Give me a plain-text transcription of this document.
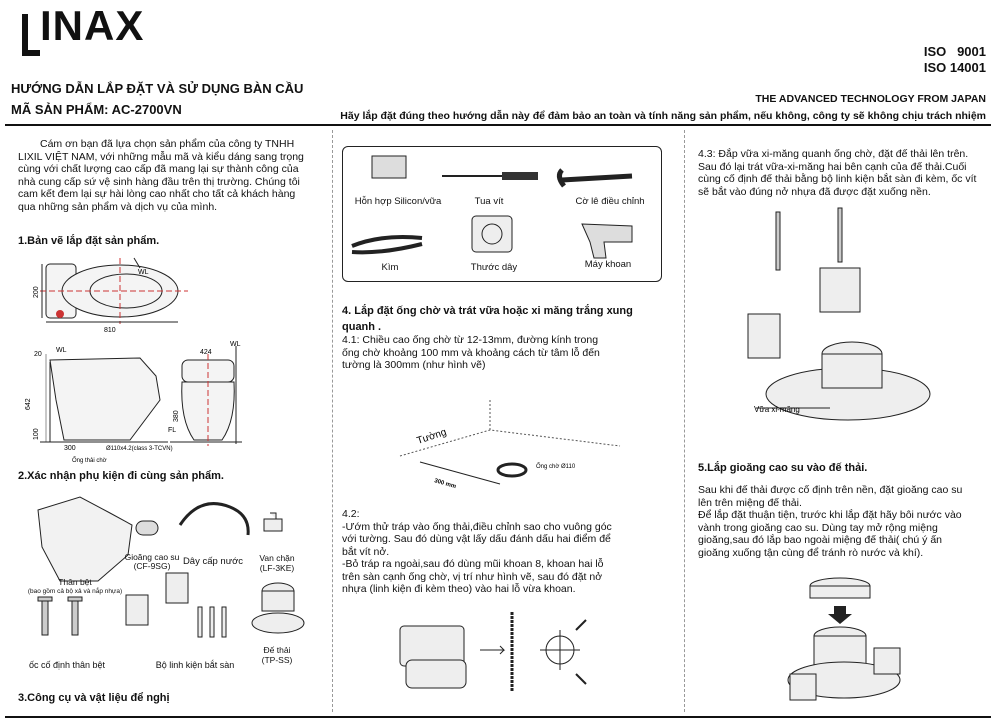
INAX
ISO   9001
ISO 14001
HƯỚNG DẪN LẮP ĐẶT VÀ SỬ DỤNG BÀN CẦU
MÃ SẢN PHẨM: AC-2700VN
THE ADVANCED TECHNOLOGY FROM JAPAN
Hãy lắp đặt đúng theo hướng dẫn này để đảm bảo an toàn và tính năng sản phẩm, nếu không, công ty sẽ không chịu trách nhiệm
Cám ơn bạn đã lựa chọn sản phẩm của công ty TNHH
LIXIL VIỆT NAM, với những mẫu mã và kiểu dáng sang trọng
cùng với chất lượng cao cấp đã mang lại sự thành công của
nhà cung cấp sứ vệ sinh hàng đầu trên thị trường. Chúng tôi
cam kết đem lại sự hài lòng cao nhất cho tất cả khách hàng
qua những sản phẩm và dịch vụ của mình.
1.Bản vẽ lắp đặt sản phẩm.
WL
200
810
20
WL
642
100
300	Ø110x4.2(class 3-TCVN)
Ống thải chờ
424
WL
380
FL
2.Xác nhận phụ kiện đi cùng sản phẩm.
Gioăng cao su
(CF-9SG)	Dây cấp nước	Van chặn
(LF-3KE)
Thân bệt
(bao gồm cả bộ xả và nắp nhựa)
ốc cố định thân bệt	Bộ linh kiện bắt sàn
Đế thải
(TP-SS)
3.Công cụ và vật liệu để nghị
Hỗn hợp Silicon/vữa	Tua vít	Cờ lê điều chỉnh
Kìm	Thước dây	Máy khoan
4. Lắp đặt ống chờ và trát vữa hoặc xi măng trắng xung
quanh .
4.1: Chiều cao ống chờ từ 12-13mm, đường kính trong
ống chờ khoảng 100 mm và khoảng cách từ tâm lỗ đến
tường là 300mm (như hình vẽ)
Tường
300 mm
Ống chờ Ø110
4.2:
-Ướm thử tráp vào ống thải,điều chỉnh sao cho vuông góc
với tường. Sau đó dùng vật lấy dấu đánh dấu hai điểm để
bắt vít nở.
-Bỏ tráp ra ngoài,sau đó dùng mũi khoan 8, khoan hai lỗ
trên sàn cạnh ống chờ, vị trí như hình vẽ, sau đó đặt nở
nhựa (linh kiện đi kèm theo) vào hai lỗ vừa khoan.
4.3: Đắp vữa xi-măng quanh ống chờ, đặt đế thải lên trên.
Sau đó lại trát vữa-xi-măng hai bên cạnh của đế thải.Cuối
cùng cố định đế thải bằng bộ linh kiện bắt sàn đi kèm, ốc vít
sẽ bắt vào đúng nở nhựa đã được đặt xuống nền.
Vữa xi-măng
5.Lắp gioăng cao su vào đế thải.
Sau khi đế thải được cố định trên nền, đặt gioăng cao su
lên trên miệng đế thải.
Để lắp đặt thuận tiện, trước khi lắp đặt hãy bôi nước vào
vành trong gioăng cao su. Dùng tay mở rộng miệng
gioăng,sau đó lắp bao ngoài miệng đế thải( chú ý ấn
gioăng xuống tận cùng để tránh rò nước và khí).
